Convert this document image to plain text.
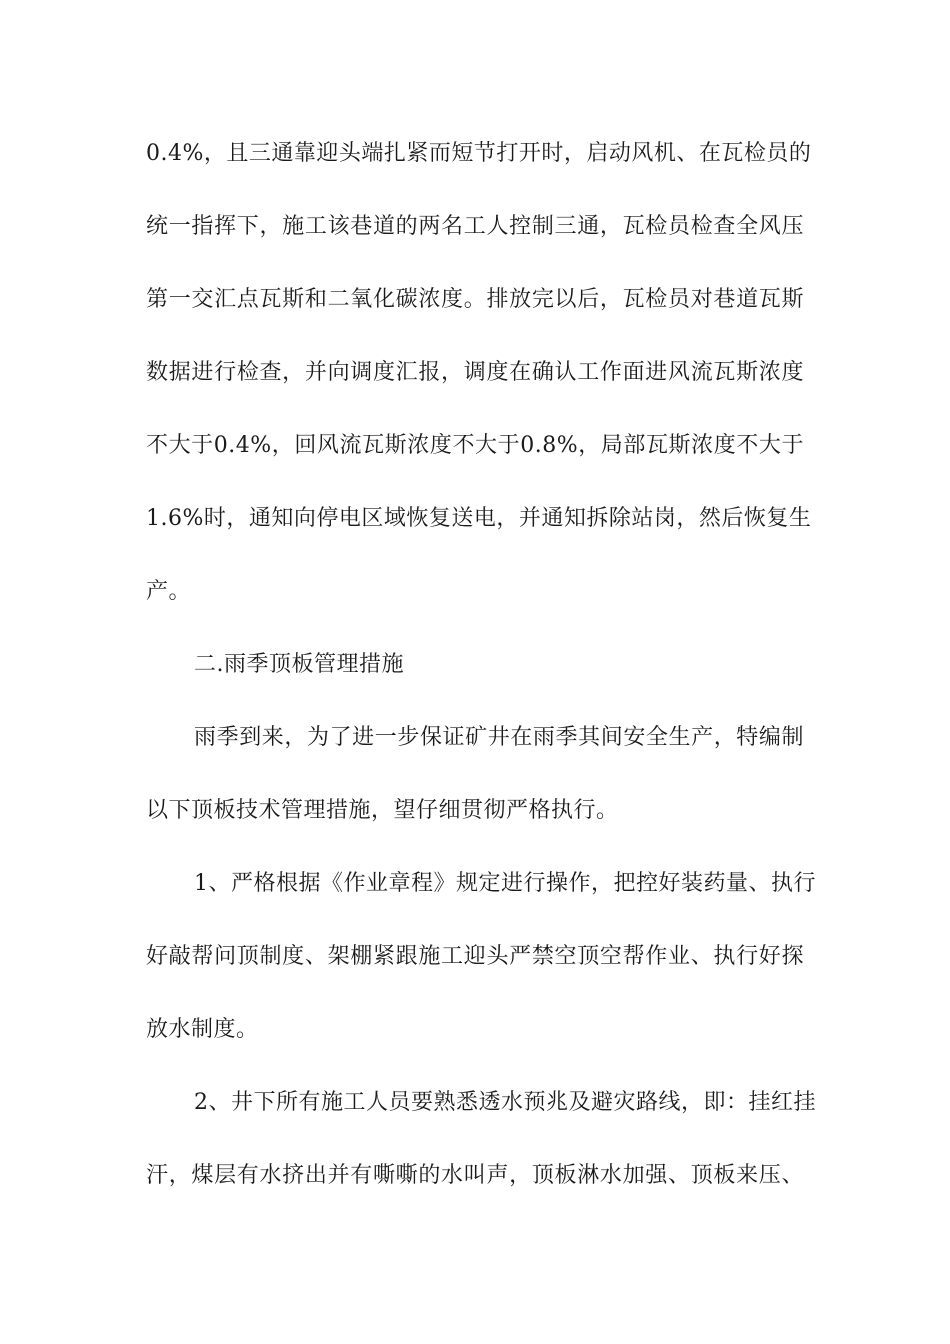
0.4%，且三通靠迎头端扎紧而短节打开时，启动风机、在瓦检员的
统一指挥下，施工该巷道的两名工人控制三通，瓦检员检查全风压
第一交汇点瓦斯和二氧化碳浓度。排放完以后，瓦检员对巷道瓦斯
数据进行检查，并向调度汇报，调度在确认工作面进风流瓦斯浓度
不大于0.4%，回风流瓦斯浓度不大于0.8%，局部瓦斯浓度不大于
1.6%时，通知向停电区域恢复送电，并通知拆除站岗，然后恢复生
产。
二.雨季顶板管理措施
雨季到来，为了进一步保证矿井在雨季其间安全生产，特编制
以下顶板技术管理措施，望仔细贯彻严格执行。
1、严格根据《作业章程》规定进行操作，把控好装药量、执行
好敲帮问顶制度、架棚紧跟施工迎头严禁空顶空帮作业、执行好探
放水制度。
2、井下所有施工人员要熟悉透水预兆及避灾路线，即：挂红挂
汗，煤层有水挤出并有嘶嘶的水叫声，顶板淋水加强、顶板来压、
